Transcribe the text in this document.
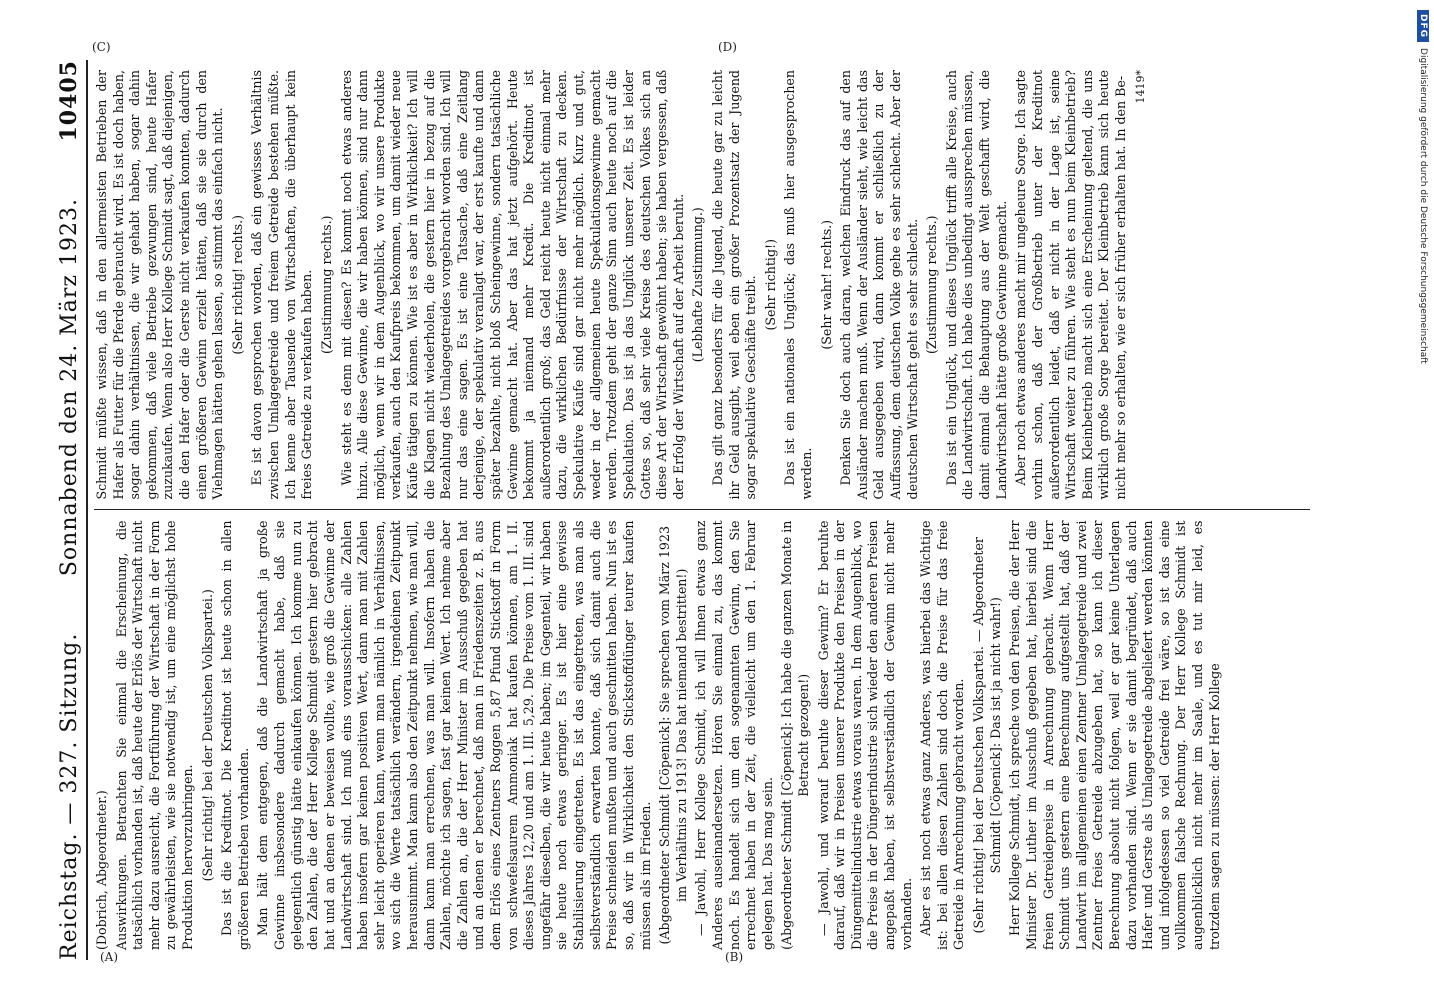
Reichstag. — 327. Sitzung.
Sonnabend den 24. März 1923.
10405

(Dobrich, Abgeordneter.) Auswirkungen. Betrachten Sie einmal die Erscheinung, die tatsächlich vorhanden ist, daß heute der Erlös der Wirtschaft nicht mehr dazu ausreicht, die Fortführung der Wirtschaft in der Form zu gewährleisten, wie sie notwendig ist, um eine möglichst hohe Produktion hervorzubringen. (Sehr richtig! bei der Deutschen Volkspartei.) Das ist die Kreditnot. Die Kreditnot ist heute schon in allen größeren Betrieben vorhanden. Man hält dem entgegen, daß die Landwirtschaft ja große Gewinne insbesondere dadurch gemacht habe, daß sie gelegentlich günstig hätte einkaufen können. Ich komme nun zu den Zahlen, die der Herr Kollege Schmidt gestern hier gebracht hat und an denen er beweisen wollte, wie groß die Gewinne der Landwirtschaft sind. Ich muß eins vorausschicken: alle Zahlen haben insofern gar keinen positiven Wert, dann man mit Zahlen sehr leicht operieren kann, wenn man nämlich in Verhältnissen, wo sich die Werte tatsächlich verändern, irgendeinen Zeitpunkt herausnimmt. Man kann also den Zeitpunkt nehmen, wie man will, dann kann man errechnen, was man will. Insofern haben die Zahlen, möchte ich sagen, fast gar keinen Wert. Ich nehme aber die Zahlen an, die der Herr Minister im Ausschuß gegeben hat und an denen er berechnet, daß man in Friedenszeiten z. B. aus dem Erlös eines Zentners Roggen 5,87 Pfund Stickstoff in Form von schwefelsaurem Ammoniak hat kaufen können, am 1. II. dieses Jahres 12,20 und am 1. III. 5,29. Die Preise vom 1. III. sind ungefähr dieselben, die wir heute haben; im Gegenteil, wir haben sie heute noch etwas geringer. Es ist hier eine gewisse Stabilisierung eingetreten. Es ist das eingetreten, was man als selbstverständlich erwarten konnte, daß sich damit auch die Preise schneiden mußten und auch geschnitten haben. Nun ist es so, daß wir in Wirklichkeit den Stickstoffdünger teurer kaufen müssen als im Frieden. (Abgeordneter Schmidt [Cöpenick]: Sie sprechen vom März 1923 im Verhältnis zu 1913! Das hat niemand bestritten!) — Jawohl, Herr Kollege Schmidt, ich will Ihnen etwas ganz Anderes auseinandersetzen. Hören Sie einmal zu, das kommt noch. Es handelt sich um den sogenannten Gewinn, den Sie errechnet haben in der Zeit, die vielleicht um den 1. Februar gelegen hat. Das mag sein. (Abgeordneter Schmidt [Cöpenick]: Ich habe die ganzen Monate in Betracht gezogen!) — Jawohl, und worauf beruhte dieser Gewinn? Er beruhte darauf, daß wir in Preisen unserer Produkte den Preisen in der Düngemittelindustrie etwas voraus waren. In dem Augenblick, wo die Preise in der Düngerindustrie sich wieder den anderen Preisen angepaßt haben, ist selbstverständlich der Gewinn nicht mehr vorhanden. Aber es ist noch etwas ganz Anderes, was hierbei das Wichtige ist: bei allen diesen Zahlen sind doch die Preise für das freie Getreide in Anrechnung gebracht worden. (Sehr richtig! bei der Deutschen Volkspartei. — Abgeordneter Schmidt [Cöpenick]: Das ist ja nicht wahr!) Herr Kollege Schmidt, ich spreche von den Preisen, die der Herr Minister Dr. Luther im Ausschuß gegeben hat, hierbei sind die freien Getreidepreise in Anrechnung gebracht. Wenn Herr Schmidt uns gestern eine Berechnung aufgestellt hat, daß der Landwirt im allgemeinen einen Zentner Umlagegetreide und zwei Zentner freies Getreide abzugeben hat, so kann ich dieser Berechnung absolut nicht folgen, weil er gar keine Unterlagen dazu vorhanden sind. Wenn er sie damit begründet, daß auch Hafer und Gerste als Umlagegetreide abgeliefert werden könnten und infolgedessen so viel Getreide frei wäre, so ist das eine vollkommen falsche Rechnung. Der Herr Kollege Schmidt ist augenblicklich nicht mehr im Saale, und es tut mir leid, es trotzdem sagen zu müssen: der Herr Kollege

Schmidt müßte wissen, daß in den allermeisten Betrieben der Hafer als Futter für die Pferde gebraucht wird. Es ist doch haben, sogar dahin verhältnissen, die wir gehabt haben, sogar dahin gekommen, daß viele Betriebe gezwungen sind, heute Hafer zuzukaufen. Wenn also Herr Kollege Schmidt sagt, daß diejenigen, die den Hafer oder die Gerste nicht verkaufen konnten, dadurch einen größeren Gewinn erzielt hätten, daß sie sie durch den Viehmagen hätten gehen lassen, so stimmt das einfach nicht. (Sehr richtig! rechts.) Es ist davon gesprochen worden, daß ein gewisses Verhältnis zwischen Umlagegetreide und freiem Getreide bestehen müßte. Ich kenne aber Tausende von Wirtschaften, die überhaupt kein freies Getreide zu verkaufen haben. (Zustimmung rechts.) Wie steht es denn mit diesen? Es kommt noch etwas anderes hinzu. Alle diese Gewinne, die wir haben können, sind nur dann möglich, wenn wir in dem Augenblick, wo wir unsere Produkte verkaufen, auch den Kaufpreis bekommen, um damit wieder neue Käufe tätigen zu können. Wie ist es aber in Wirklichkeit? Ich will die Klagen nicht wiederholen, die gestern hier in bezug auf die Bezahlung des Umlagegetreides vorgebracht worden sind. Ich will nur das eine sagen. Es ist eine Tatsache, daß eine Zeitlang derjenige, der spekulativ veranlagt war, der erst kaufte und dann später bezahlte, nicht bloß Scheingewinne, sondern tatsächliche Gewinne gemacht hat. Aber das hat jetzt aufgehört. Heute bekommt ja niemand mehr Kredit. Die Kreditnot ist außerordentlich groß; das Geld reicht heute nicht einmal mehr dazu, die wirklichen Bedürfnisse der Wirtschaft zu decken. Spekulative Käufe sind gar nicht mehr möglich. Kurz und gut, weder in der allgemeinen heute Spekulationsgewinne gemacht werden. Trotzdem geht der ganze Sinn auch heute noch auf die Spekulation. Das ist ja das Unglück unserer Zeit. Es ist leider Gottes so, daß sehr viele Kreise des deutschen Volkes sich an diese Art der Wirtschaft gewöhnt haben; sie haben vergessen, daß der Erfolg der Wirtschaft auf der Arbeit beruht. (Lebhafte Zustimmung.) Das gilt ganz besonders für die Jugend, die heute gar zu leicht ihr Geld ausgibt, weil eben ein großer Prozentsatz der Jugend sogar spekulative Geschäfte treibt. (Sehr richtig!) Das ist ein nationales Unglück; das muß hier ausgesprochen werden.

(Sehr wahr! rechts.) Denken Sie doch auch daran, welchen Eindruck das auf den Ausländer machen muß. Wenn der Ausländer sieht, wie leicht das Geld ausgegeben wird, dann kommt er schließlich zu der Auffassung, dem deutschen Volke gehe es sehr schlecht. Aber der deutschen Wirtschaft geht es sehr schlecht. (Zustimmung rechts.) Das ist ein Unglück, und dieses Unglück trifft alle Kreise, auch die Landwirtschaft. Ich habe dies unbedingt aussprechen müssen, damit einmal die Behauptung aus der Welt geschafft wird, die Landwirtschaft hätte große Gewinne gemacht. Aber noch etwas anderes macht mir ungeheure Sorge. Ich sagte vorhin schon, daß der Großbetrieb unter der Kreditnot außerordentlich leidet, daß er nicht in der Lage ist, seine Wirtschaft weiter zu führen. Wie steht es nun beim Kleinbetrieb? Beim Kleinbetrieb macht sich eine Erscheinung geltend, die uns wirklich große Sorge bereitet. Der Kleinbetrieb kann sich heute nicht mehr so erhalten, wie er sich früher erhalten hat. In den Be- 1419*
(A)	(B)
(C)	(D)
DFG
Digitalisierung gefördert durch die Deutsche Forschungsgemeinschaft
